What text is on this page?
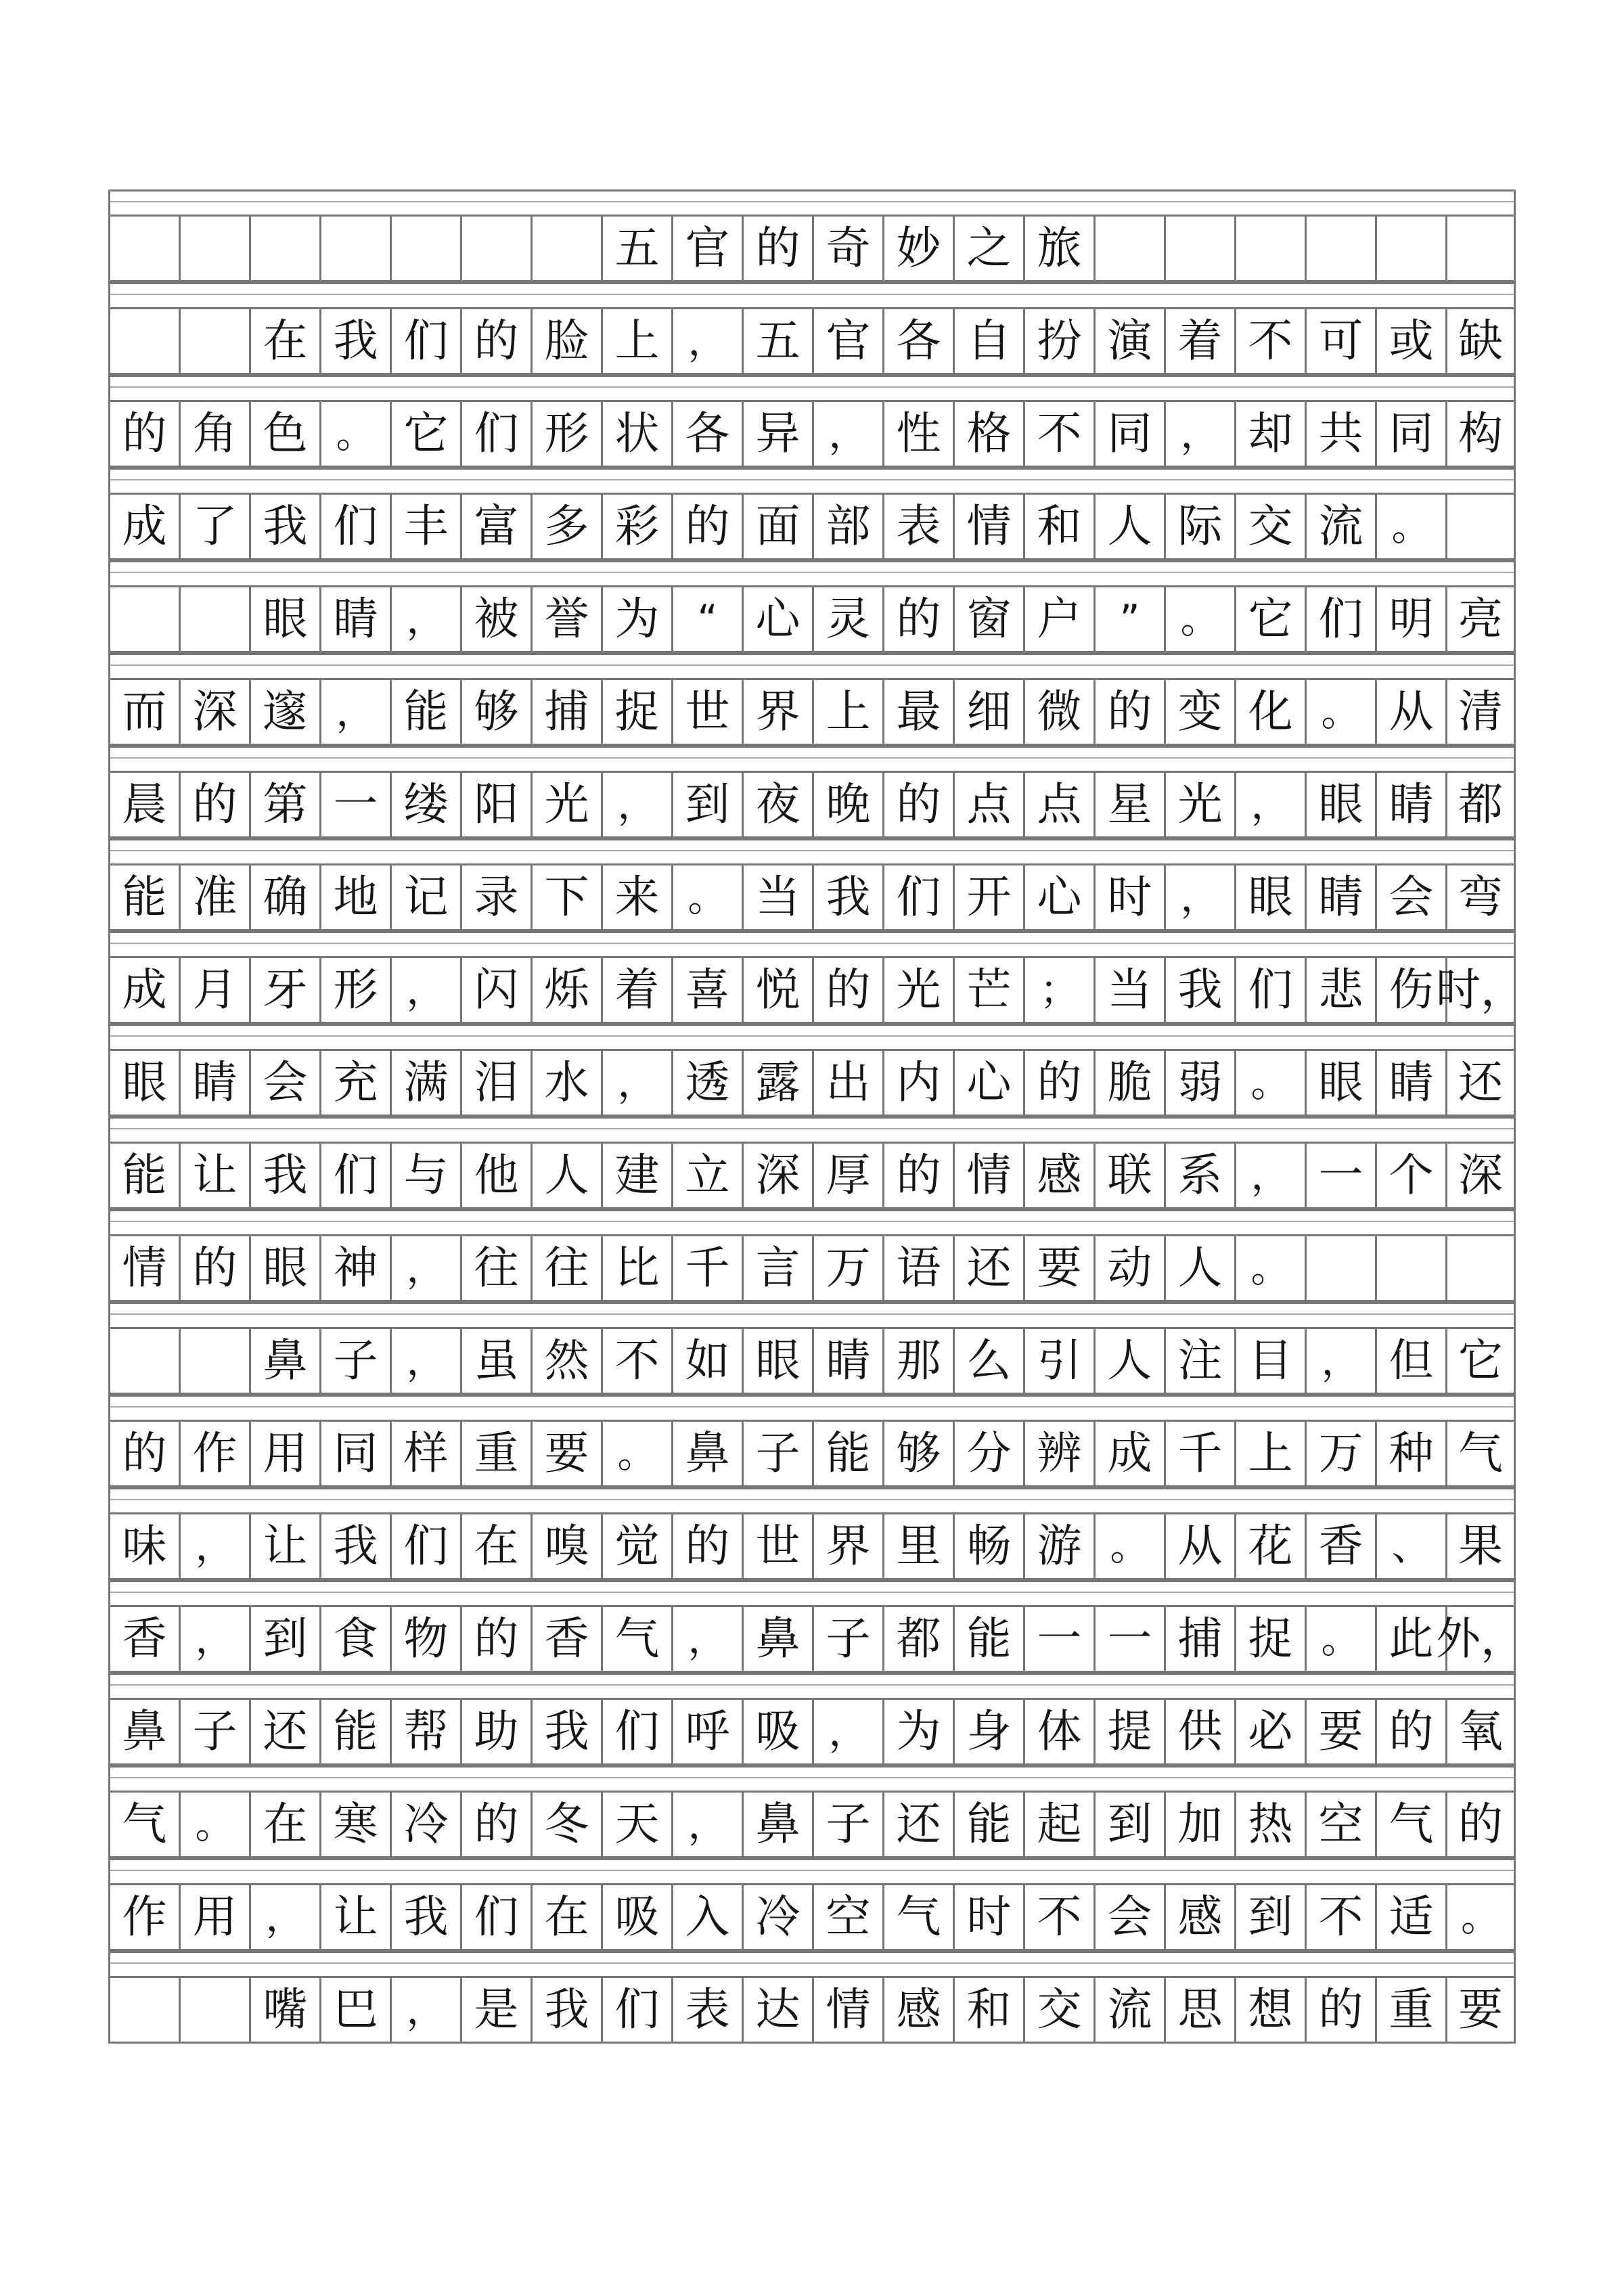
五 官 的 奇 妙 之 旅
在 我 们 的 脸 上 ， 五 官 各 自 扮 演 着 不 可 或 缺
的 角 色 。 它 们 形 状 各 异 ， 性 格 不 同 ， 却 共 同 构
成 了 我 们 丰 富 多 彩 的 面 部 表 情 和 人 际 交 流 。
眼 睛 ， 被 誉 为 “ 心 灵 的 窗 户 ”	。 它 们 明 亮
而 深 邃 ， 能 够 捕 捉 世 界 上 最 细 微 的 变 化 。 从 清
晨 的 第 一 缕 阳 光 ， 到 夜 晚 的 点 点 星 光 ， 眼 睛 都
能 准 确 地 记 录 下 来 。 当 我 们 开 心 时 ， 眼 睛 会 弯
成 月 牙 形 ， 闪 烁 着 喜 悦 的 光 芒 ； 当 我 们 悲 伤 时，
眼 睛 会 充 满 泪 水 ， 透 露 出 内 心 的 脆 弱 。 眼 睛 还
能 让 我 们 与 他 人 建 立 深 厚 的 情 感 联 系 ， 一 个 深
情 的 眼 神 ， 往 往 比 千 言 万 语 还 要 动 人 。
鼻 子 ， 虽 然 不 如 眼 睛 那 么 引 人 注 目 ， 但 它
的 作 用 同 样 重 要 。 鼻 子 能 够 分 辨 成 千 上 万 种 气
味 ， 让 我 们 在 嗅 觉 的 世 界 里 畅 游 。 从 花 香 、 果
香 ， 到 食 物 的 香 气 ， 鼻 子 都 能 一 一 捕 捉 。 此 外，
鼻 子 还 能 帮 助 我 们 呼 吸 ， 为 身 体 提 供 必 要 的 氧
气 。 在 寒 冷 的 冬 天 ， 鼻 子 还 能 起 到 加 热 空 气 的
作 用 ， 让 我 们 在 吸 入 冷 空 气 时 不 会 感 到 不 适 。
嘴 巴 ， 是 我 们 表 达 情 感 和 交 流 思 想 的 重 要
